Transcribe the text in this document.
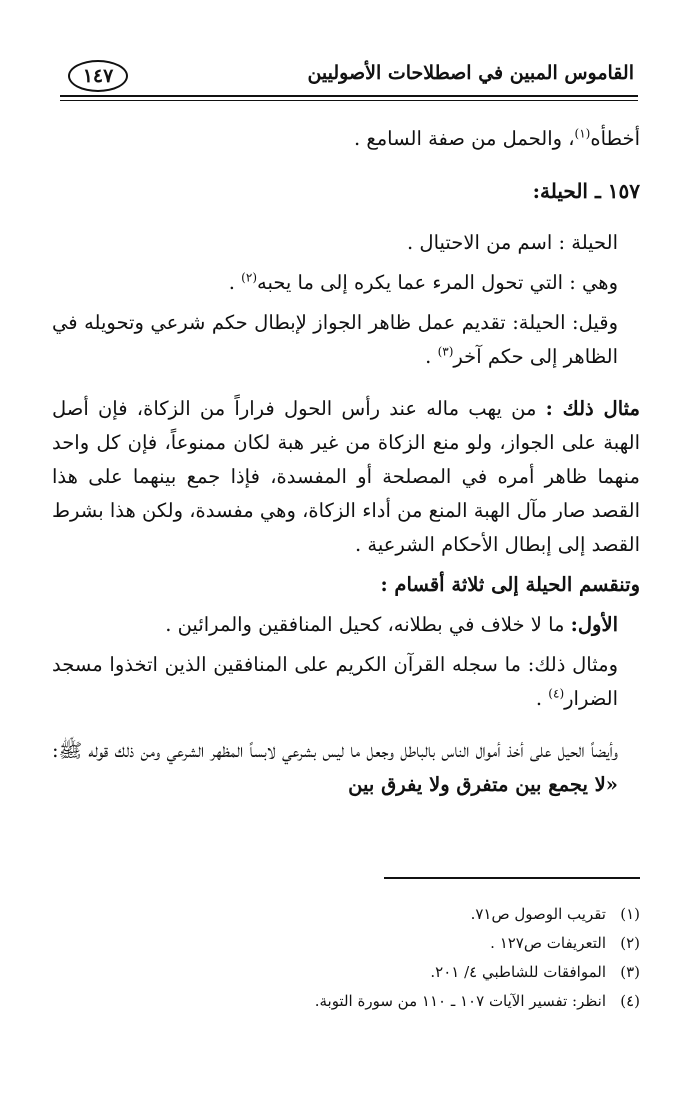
١٤٧	القاموس المبين في اصطلاحات الأصوليين

أخطأه$^{(١)}$، والحمل من صفة السامع .

١٥٧ ـ الحيلة:

الحيلة : اسم من الاحتيال .

وهي : التي تحول المرء عما يكره إلى ما يحبه$^{(٢)}$ .

وقيل: الحيلة: تقديم عمل ظاهر الجواز لإبطال حكم شرعي وتحويله في الظاهر إلى حكم آخر$^{(٣)}$ .

مثال ذلك : من يهب ماله عند رأس الحول فراراً من الزكاة، فإن أصل الهبة على الجواز، ولو منع الزكاة من غير هبة لكان ممنوعاً، فإن كل واحد منهما ظاهر أمره في المصلحة أو المفسدة، فإذا جمع بينهما على هذا القصد صار مآل الهبة المنع من أداء الزكاة، وهي مفسدة، ولكن هذا بشرط القصد إلى إبطال الأحكام الشرعية .

وتنقسم الحيلة إلى ثلاثة أقسام :

الأول: ما لا خلاف في بطلانه، كحيل المنافقين والمرائين .

ومثال ذلك: ما سجله القرآن الكريم على المنافقين الذين اتخذوا مسجد الضرار$^{(٤)}$ .

وأيضاً الحيل على أخذ أموال الناس بالباطل وجعل ما ليس بشرعي لابساً المظهر الشرعي ومن ذلك قوله ﷺ: «لا يجمع بين متفرق ولا يفرق بين

(١)تقريب الوصول ص٧١.
(٢)التعريفات ص١٢٧ .
(٣)الموافقات للشاطبي ٤/ ٢٠١.
(٤)انظر: تفسير الآيات ١٠٧ ـ ١١٠ من سورة التوبة.
